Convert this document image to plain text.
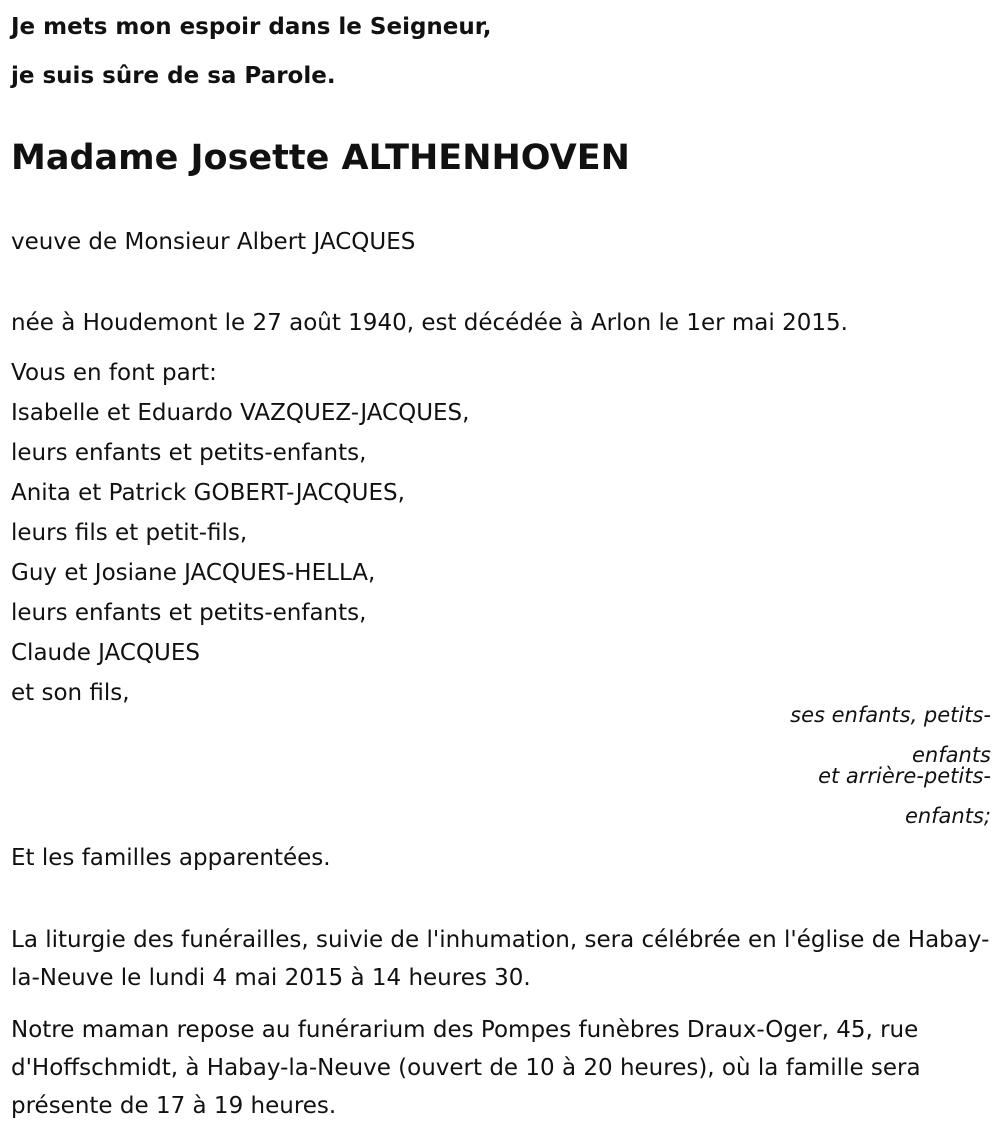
Je mets mon espoir dans le Seigneur,

je suis sûre de sa Parole.

Madame Josette ALTHENHOVEN

veuve de Monsieur Albert JACQUES

née à Houdemont le 27 août 1940, est décédée à Arlon le 1er mai 2015.

Vous en font part:

Isabelle et Eduardo VAZQUEZ-JACQUES,

leurs enfants et petits-enfants,

Anita et Patrick GOBERT-JACQUES,

leurs fils et petit-fils,

Guy et Josiane JACQUES-HELLA,

leurs enfants et petits-enfants,

Claude JACQUES

et son fils,

ses enfants, petits-
enfants

et arrière-petits-
enfants;

Et les familles apparentées.

La liturgie des funérailles, suivie de l'inhumation, sera célébrée en l'église de Habay-la-Neuve le lundi 4 mai 2015 à 14 heures 30.

Notre maman repose au funérarium des Pompes funèbres Draux-Oger, 45, rue d'Hoffschmidt, à Habay-la-Neuve (ouvert de 10 à 20 heures), où la famille sera présente de 17 à 19 heures.
